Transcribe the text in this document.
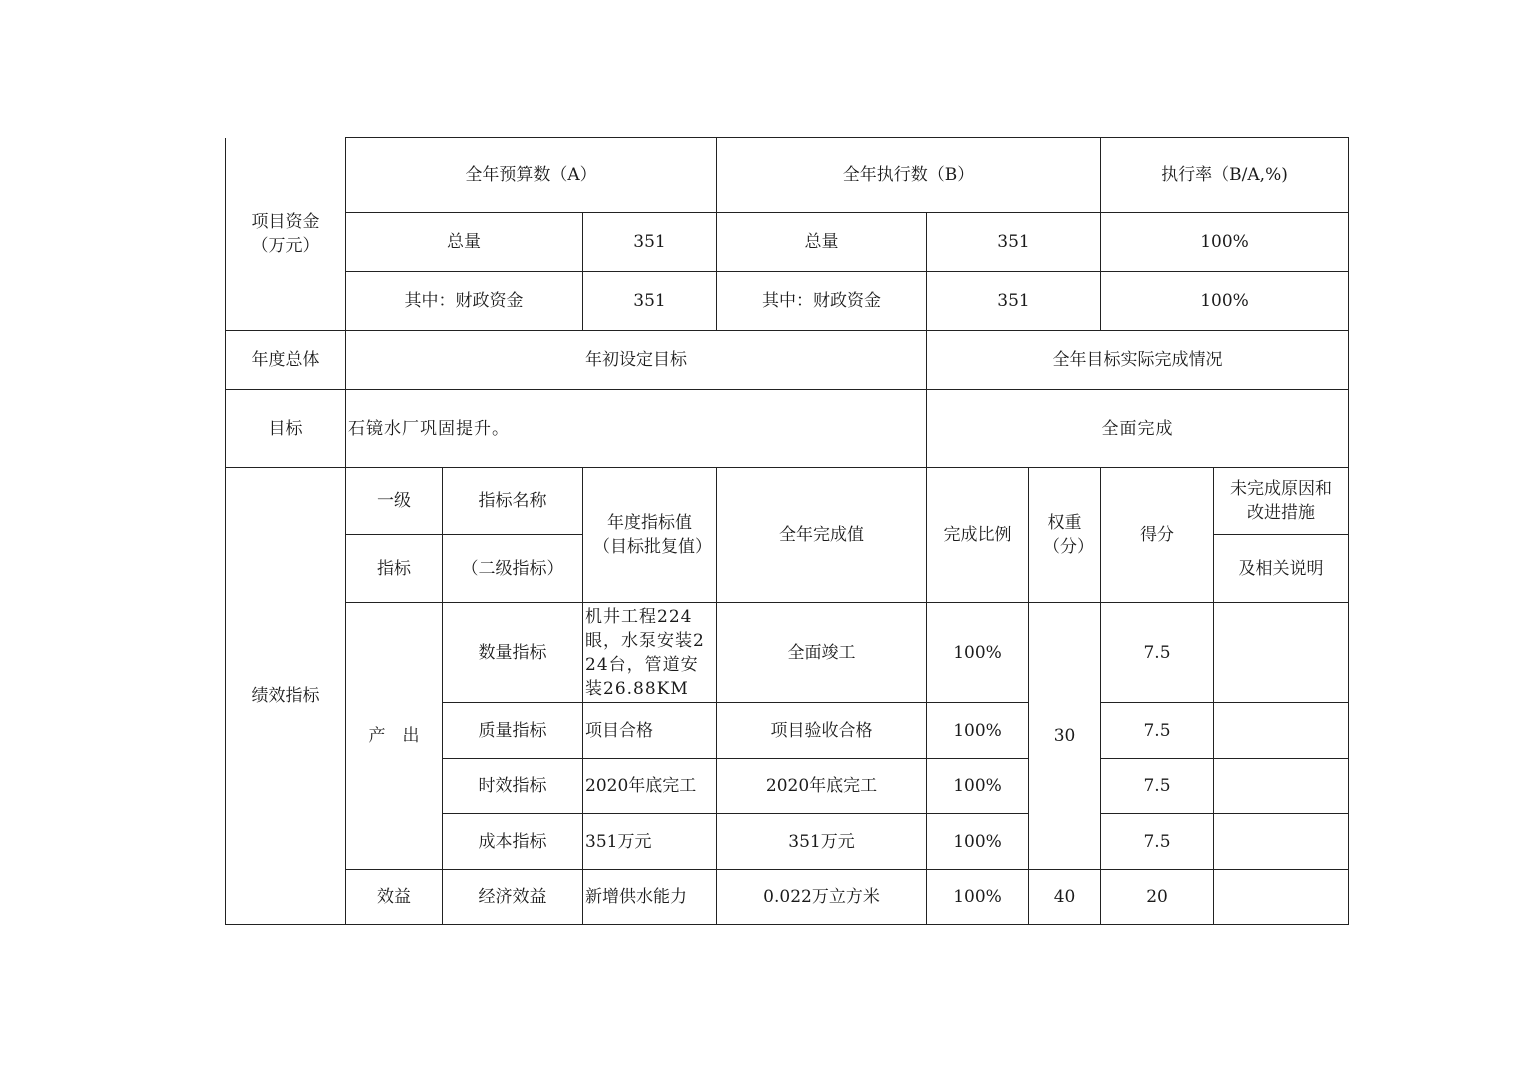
项目资金（万元）	全年预算数（A）			全年执行数（B）			执行率（B/A,%)	
	总量		351	总量	351		100%	
	其中：财政资金		351	其中：财政资金	351		100%	
年度总体	年初设定目标				全年目标实际完成情况			
目标	石镜水厂巩固提升。				全面完成			
绩效指标	一级	指标名称	年度指标值（目标批复值）	全年完成值	完成比例	权重（分）	得分	未完成原因和改进措施
	指标	（二级指标）						及相关说明
	产　出	数量指标	机井工程224眼，水泵安装224台，管道安装26.88KM	全面竣工	100%	30	7.5	
		质量指标	项目合格	项目验收合格	100%		7.5	
		时效指标	2020年底完工	2020年底完工	100%		7.5	
		成本指标	351万元	351万元	100%		7.5	
	效益	经济效益	新增供水能力	0.022万立方米	100%	40	20	
